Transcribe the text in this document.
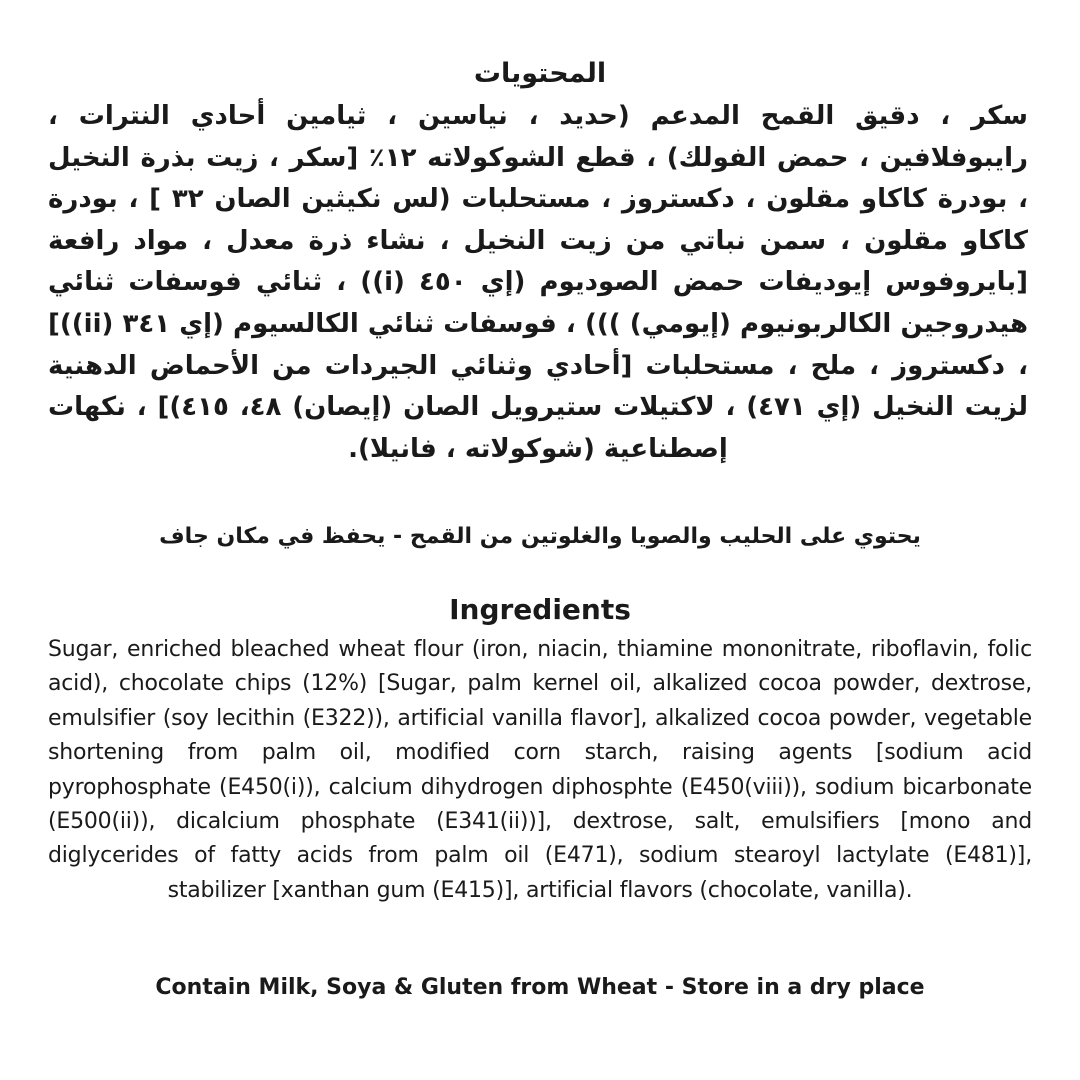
المحتويات

سكر ، دقيق القمح المدعم (حديد ، نياسين ، ثيامين أحادي النترات ، رايبوفلافين ، حمض الفولك) ، قطع الشوكولاته ١٢٪ [سكر ، زيت بذرة النخيل ، بودرة كاكاو مقلون ، دكستروز ، مستحلبات (لس نكيثين الصان ٣٢ ] ، بودرة كاكاو مقلون ، سمن نباتي من زيت النخيل ، نشاء ذرة معدل ، مواد رافعة [بايروفوس إيوديفات حمض الصوديوم (إي ٤٥٠ (i)) ، ثنائي فوسفات ثنائي هيدروجين الكالربونيوم (إيومي) ))) ، فوسفات ثنائي الكالسيوم (إي ٣٤١ (ii))] ، دكستروز ، ملح ، مستحلبات [أحادي وثنائي الجيردات من الأحماض الدهنية لزيت النخيل (إي ٤٧١) ، لاكتيلات ستيرويل الصان (إيصان) ٤٨، ٤١٥)] ، نكهات إصطناعية (شوكولاته ، فانيلا).

يحتوي على الحليب والصويا والغلوتين من القمح - يحفظ في مكان جاف

Ingredients

Sugar, enriched bleached wheat flour (iron, niacin, thiamine mononitrate, riboflavin, folic acid), chocolate chips (12%) [Sugar, palm kernel oil, alkalized cocoa powder, dextrose, emulsifier (soy lecithin (E322)), artificial vanilla flavor], alkalized cocoa powder, vegetable shortening from palm oil, modified corn starch, raising agents [sodium acid pyrophosphate (E450(i)), calcium dihydrogen diphosphte (E450(viii)), sodium bicarbonate (E500(ii)), dicalcium phosphate (E341(ii))], dextrose, salt, emulsifiers [mono and diglycerides of fatty acids from palm oil (E471), sodium stearoyl lactylate (E481)], stabilizer [xanthan gum (E415)], artificial flavors (chocolate, vanilla).

Contain Milk, Soya & Gluten from Wheat - Store in a dry place
